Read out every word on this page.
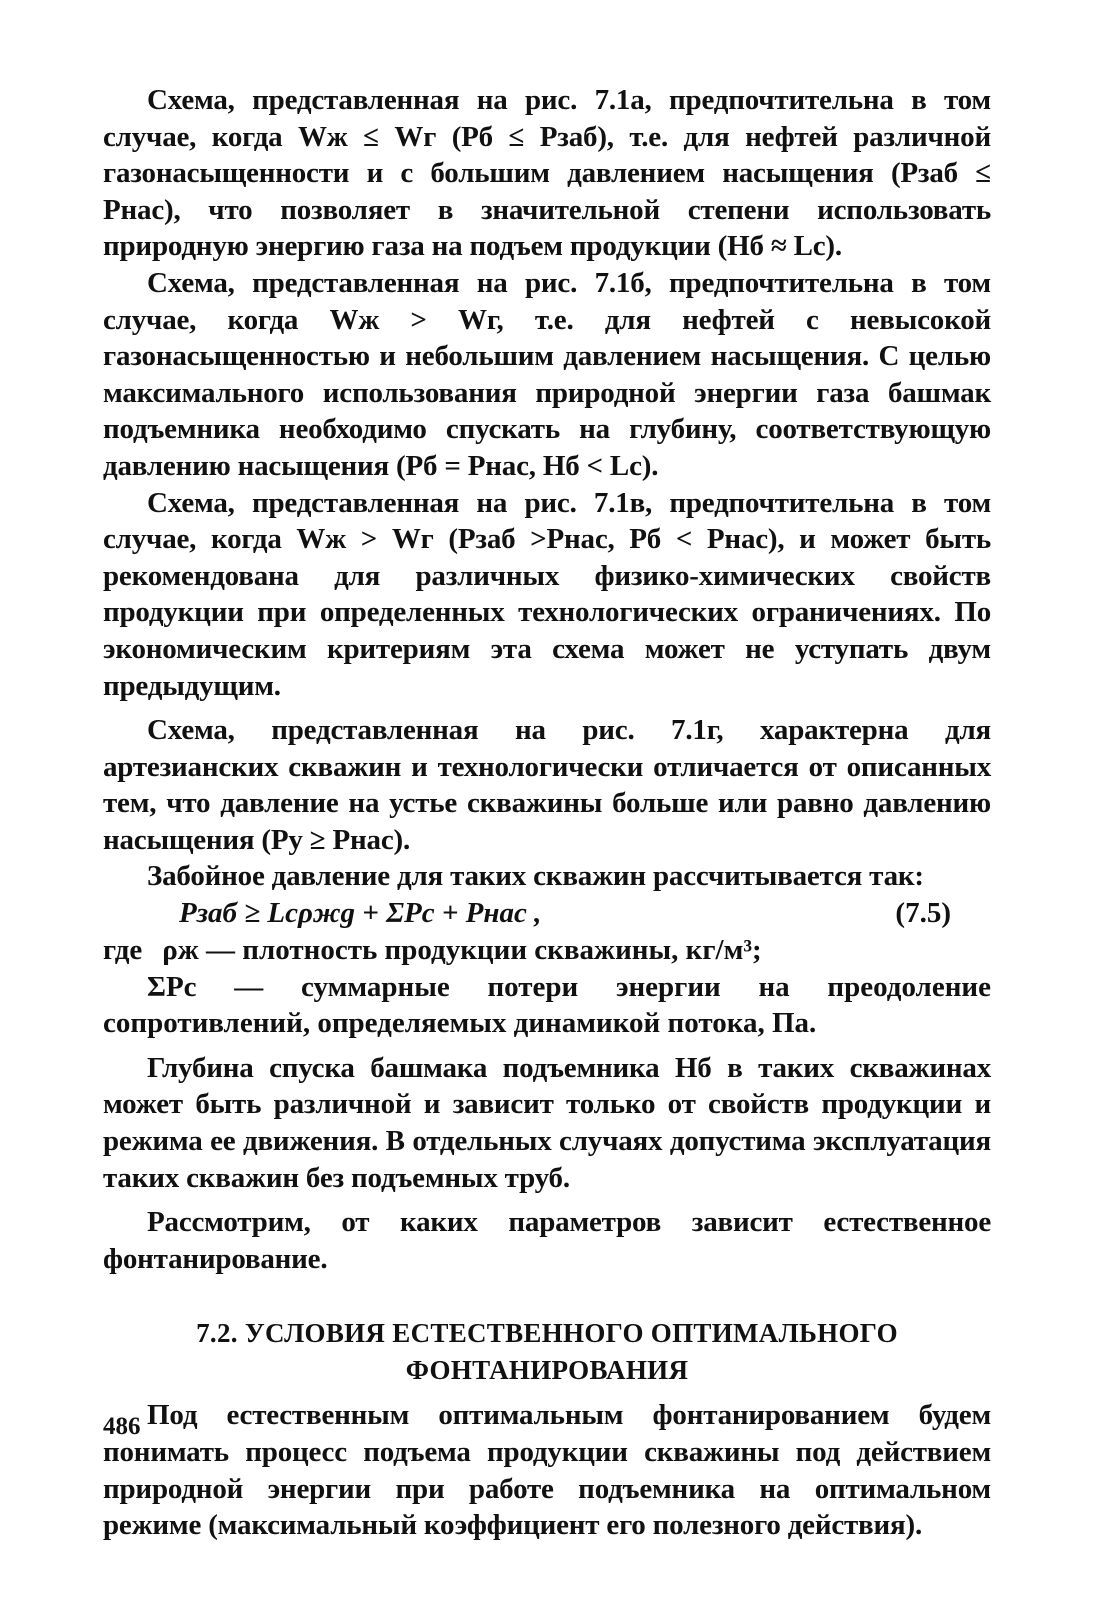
Схема, представленная на рис. 7.1а, предпочтительна в том случае, когда Wж ≤ Wг (Pб ≤ Pзаб), т.е. для нефтей различной газонасыщенности и с большим давлением насыщения (Pзаб ≤ Pнас), что позволяет в значительной степени использовать природную энергию газа на подъем продукции (Hб ≈ Lс).

Схема, представленная на рис. 7.1б, предпочтительна в том случае, когда Wж > Wг, т.е. для нефтей с невысокой газонасыщенностью и небольшим давлением насыщения. С целью максимального использования природной энергии газа башмак подъемника необходимо спускать на глубину, соответствующую давлению насыщения (Pб = Pнас, Hб < Lс).

Схема, представленная на рис. 7.1в, предпочтительна в том случае, когда Wж > Wг (Pзаб >Pнас, Pб < Pнас), и может быть рекомендована для различных физико-химических свойств продукции при определенных технологических ограничениях. По экономическим критериям эта схема может не уступать двум предыдущим.

Схема, представленная на рис. 7.1г, характерна для артезианских скважин и технологически отличается от описанных тем, что давление на устье скважины больше или равно давлению насыщения (Pу ≥ Pнас).

Забойное давление для таких скважин рассчитывается так:

Pзаб ≥ Lсρжg + ΣPс + Pнас ,	(7.5)

где ρж — плотность продукции скважины, кг/м³;

ΣPс — суммарные потери энергии на преодоление сопротивлений, определяемых динамикой потока, Па.

Глубина спуска башмака подъемника Hб в таких скважинах может быть различной и зависит только от свойств продукции и режима ее движения. В отдельных случаях допустима эксплуатация таких скважин без подъемных труб.

Рассмотрим, от каких параметров зависит естественное фонтанирование.

7.2. УСЛОВИЯ ЕСТЕСТВЕННОГО ОПТИМАЛЬНОГО
ФОНТАНИРОВАНИЯ

Под естественным оптимальным фонтанированием будем понимать процесс подъема продукции скважины под действием природной энергии при работе подъемника на оптимальном режиме (максимальный коэффициент его полезного действия).

486
